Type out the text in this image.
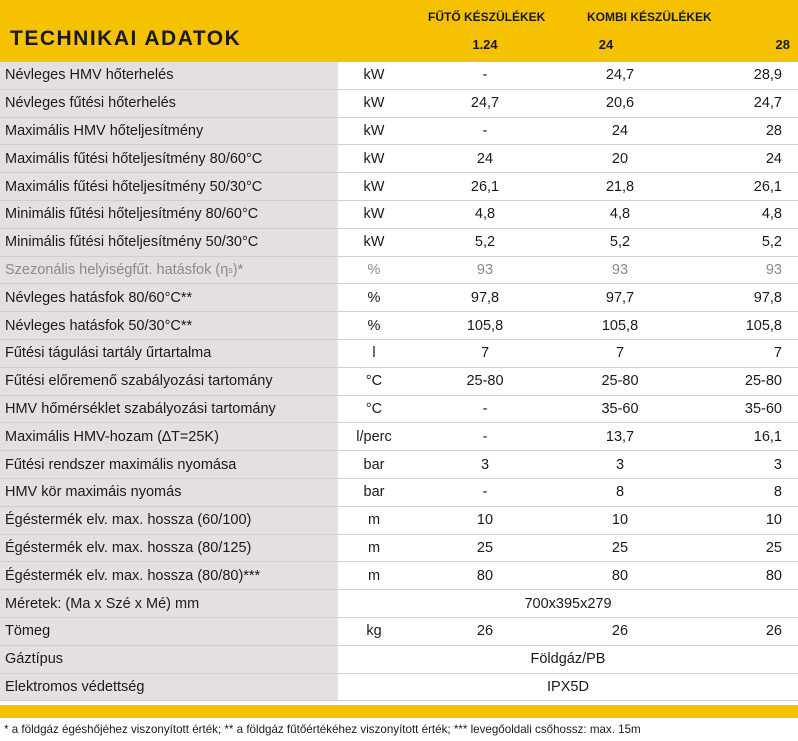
TECHNIKAI ADATOK
FŰTŐ KÉSZÜLÉKEK	KOMBI KÉSZÜLÉKEK
1.24	24	28
Névleges HMV hőterhelés	kW	-	24,7	28,9
Névleges fűtési hőterhelés	kW	24,7	20,6	24,7
Maximális HMV hőteljesítmény	kW	-	24	28
Maximális fűtési hőteljesítmény 80/60°C	kW	24	20	24
Maximális fűtési hőteljesítmény 50/30°C	kW	26,1	21,8	26,1
Minimális fűtési hőteljesítmény 80/60°C	kW	4,8	4,8	4,8
Minimális fűtési hőteljesítmény 50/30°C	kW	5,2	5,2	5,2
Szezonális helyiségfűt. hatásfok (η s )*	%	93	93	93
Névleges hatásfok 80/60°C**	%	97,8	97,7	97,8
Névleges hatásfok 50/30°C**	%	105,8	105,8	105,8
Fűtési tágulási tartály űrtartalma	l	7	7	7
Fűtési előremenő szabályozási tartomány	°C	25-80	25-80	25-80
HMV hőmérséklet szabályozási tartomány	°C	-	35-60	35-60
Maximális HMV-hozam (∆T=25K)	l/perc	-	13,7	16,1
Fűtési rendszer maximális nyomása	bar	3	3	3
HMV kör maximáis nyomás	bar	-	8	8
Égéstermék elv. max. hossza (60/100)	m	10	10	10
Égéstermék elv. max. hossza (80/125)	m	25	25	25
Égéstermék elv. max. hossza (80/80)***	m	80	80	80
Méretek: (Ma x Szé x Mé) mm	700x395x279
Tömeg	kg	26	26	26
Gáztípus	Földgáz/PB
Elektromos védettség	IPX5D
* a földgáz égéshőjéhez viszonyított érték; ** a földgáz fűtőértékéhez viszonyított érték; *** levegőoldali csőhossz: max. 15m
